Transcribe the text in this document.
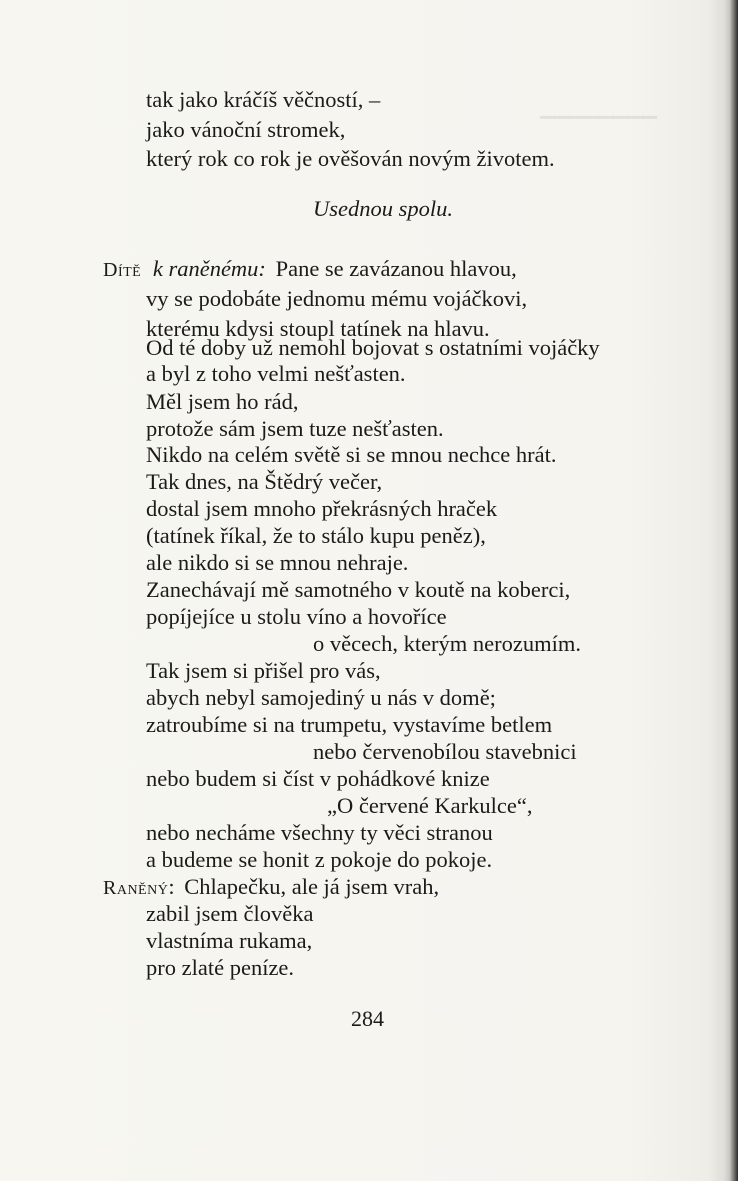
▁▁▁▁▁▁▁▁
tak jako kráčíš věčností, –
jako vánoční stromek,
který rok co rok je ověšován novým životem.
Usednou spolu.
Dítě k raněnému: Pane se zavázanou hlavou,
vy se podobáte jednomu mému vojáčkovi,
kterému kdysi stoupl tatínek na hlavu.
Od té doby už nemohl bojovat s ostatními vojáčky
a byl z toho velmi nešťasten.
Měl jsem ho rád,
protože sám jsem tuze nešťasten.
Nikdo na celém světě si se mnou nechce hrát.
Tak dnes, na Štědrý večer,
dostal jsem mnoho překrásných hraček
(tatínek říkal, že to stálo kupu peněz),
ale nikdo si se mnou nehraje.
Zanechávají mě samotného v koutě na koberci,
popíjejíce u stolu víno a hovoříce
o věcech, kterým nerozumím.
Tak jsem si přišel pro vás,
abych nebyl samojediný u nás v domě;
zatroubíme si na trumpetu, vystavíme betlem
nebo červenobílou stavebnici
nebo budem si číst v pohádkové knize
„O červené Karkulce“,
nebo necháme všechny ty věci stranou
a budeme se honit z pokoje do pokoje.
Raněný: Chlapečku, ale já jsem vrah,
zabil jsem člověka
vlastníma rukama,
pro zlaté peníze.
284
